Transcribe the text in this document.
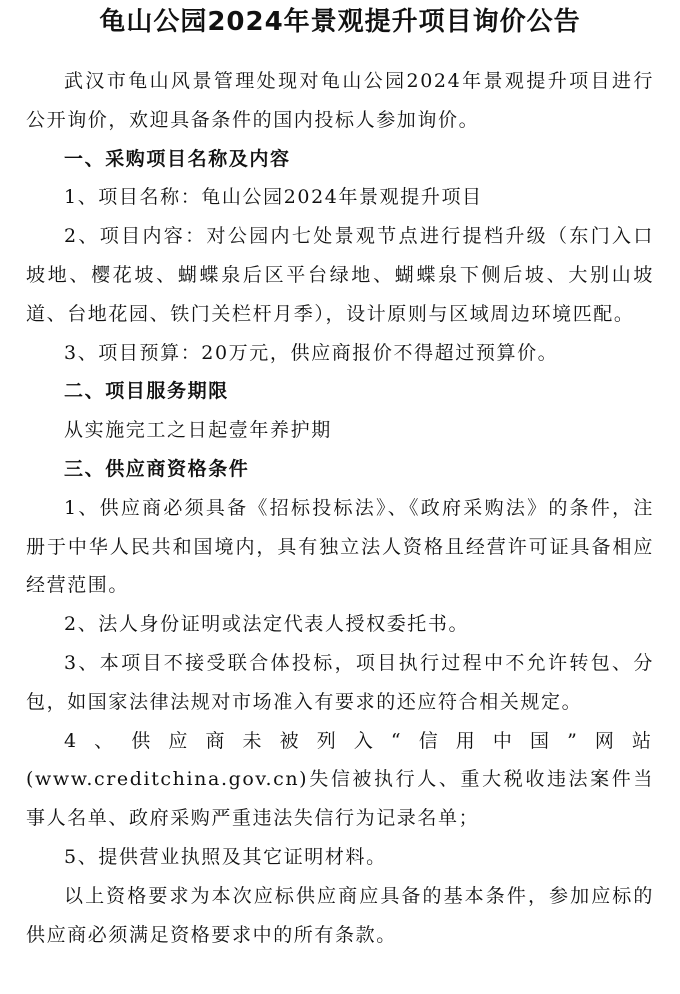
龟山公园2024年景观提升项目询价公告

武汉市龟山风景管理处现对龟山公园2024年景观提升项目进行公开询价，欢迎具备条件的国内投标人参加询价。

一、采购项目名称及内容

1、项目名称：龟山公园2024年景观提升项目

2、项目内容：对公园内七处景观节点进行提档升级（东门入口坡地、樱花坡、蝴蝶泉后区平台绿地、蝴蝶泉下侧后坡、大别山坡道、台地花园、铁门关栏杆月季），设计原则与区域周边环境匹配。

3、项目预算：20万元，供应商报价不得超过预算价。

二、项目服务期限

从实施完工之日起壹年养护期

三、供应商资格条件

1、供应商必须具备《招标投标法》、《政府采购法》的条件，注册于中华人民共和国境内，具有独立法人资格且经营许可证具备相应经营范围。

2、法人身份证明或法定代表人授权委托书。

3、本项目不接受联合体投标，项目执行过程中不允许转包、分包，如国家法律法规对市场准入有要求的还应符合相关规定。

4、供应商未被列入“信用中国”网站

(www.creditchina.gov.cn)失信被执行人、重大税收违法案件当事人名单、政府采购严重违法失信行为记录名单；

5、提供营业执照及其它证明材料。

以上资格要求为本次应标供应商应具备的基本条件，参加应标的供应商必须满足资格要求中的所有条款。
